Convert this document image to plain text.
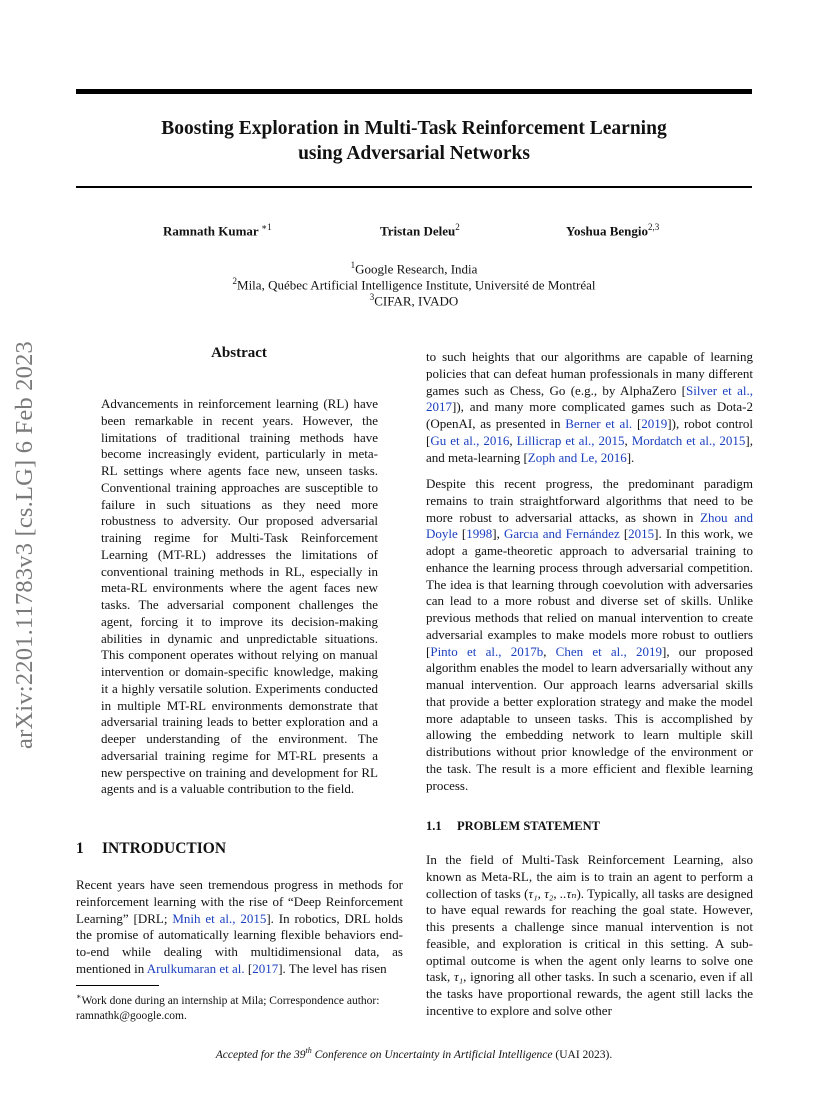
Boosting Exploration in Multi-Task Reinforcement Learning
using Adversarial Networks
Ramnath Kumar $^{∗1}$	Tristan Deleu$^2$	Yoshua Bengio$^{2,3}$
$^1$Google Research, India
$^2$Mila, Québec Artificial Intelligence Institute, Université de Montréal
$^3$CIFAR, IVADO
arXiv:2201.11783v3 [cs.LG] 6 Feb 2023	Abstract

Advancements in reinforcement learning (RL) have been remarkable in recent years. However, the limitations of traditional training methods have become increasingly evident, particularly in meta-RL settings where agents face new, unseen tasks. Conventional training approaches are susceptible to failure in such situations as they need more robustness to adversity. Our proposed adversarial training regime for Multi-Task Reinforcement Learning (MT-RL) addresses the limitations of conventional training methods in RL, especially in meta-RL environments where the agent faces new tasks. The adversarial component challenges the agent, forcing it to improve its decision-making abilities in dynamic and unpredictable situations. This component operates without relying on manual intervention or domain-specific knowledge, making it a highly versatile solution. Experiments conducted in multiple MT-RL environments demonstrate that adversarial training leads to better exploration and a deeper understanding of the environment. The adversarial training regime for MT-RL presents a new perspective on training and development for RL agents and is a valuable contribution to the field.

1 INTRODUCTION

Recent years have seen tremendous progress in methods for reinforcement learning with the rise of “Deep Reinforcement Learning” [DRL; Mnih et al., 2015]. In robotics, DRL holds the promise of automatically learning flexible behaviors end-to-end while dealing with multidimensional data, as mentioned in Arulkumaran et al. [2017]. The level has risen

∗Work done during an internship at Mila; Correspondence author: ramnathk@google.com.

to such heights that our algorithms are capable of learning policies that can defeat human professionals in many different games such as Chess, Go (e.g., by AlphaZero [Silver et al., 2017]), and many more complicated games such as Dota-2 (OpenAI, as presented in Berner et al. [2019]), robot control [Gu et al., 2016, Lillicrap et al., 2015, Mordatch et al., 2015], and meta-learning [Zoph and Le, 2016].

Despite this recent progress, the predominant paradigm remains to train straightforward algorithms that need to be more robust to adversarial attacks, as shown in Zhou and Doyle [1998], Garcıa and Fernández [2015]. In this work, we adopt a game-theoretic approach to adversarial training to enhance the learning process through adversarial competition. The idea is that learning through coevolution with adversaries can lead to a more robust and diverse set of skills. Unlike previous methods that relied on manual intervention to create adversarial examples to make models more robust to outliers [Pinto et al., 2017b, Chen et al., 2019], our proposed algorithm enables the model to learn adversarially without any manual intervention. Our approach learns adversarial skills that provide a better exploration strategy and make the model more adaptable to unseen tasks. This is accomplished by allowing the embedding network to learn multiple skill distributions without prior knowledge of the environment or the task. The result is a more efficient and flexible learning process.

1.1 PROBLEM STATEMENT

In the field of Multi-Task Reinforcement Learning, also known as Meta-RL, the aim is to train an agent to perform a collection of tasks (τ₁, τ₂, ..τₙ). Typically, all tasks are designed to have equal rewards for reaching the goal state. However, this presents a challenge since manual intervention is not feasible, and exploration is critical in this setting. A sub-optimal outcome is when the agent only learns to solve one task, τ₁, ignoring all other tasks. In such a scenario, even if all the tasks have proportional rewards, the agent still lacks the incentive to explore and solve other

Accepted for the 39th Conference on Uncertainty in Artificial Intelligence (UAI 2023).
